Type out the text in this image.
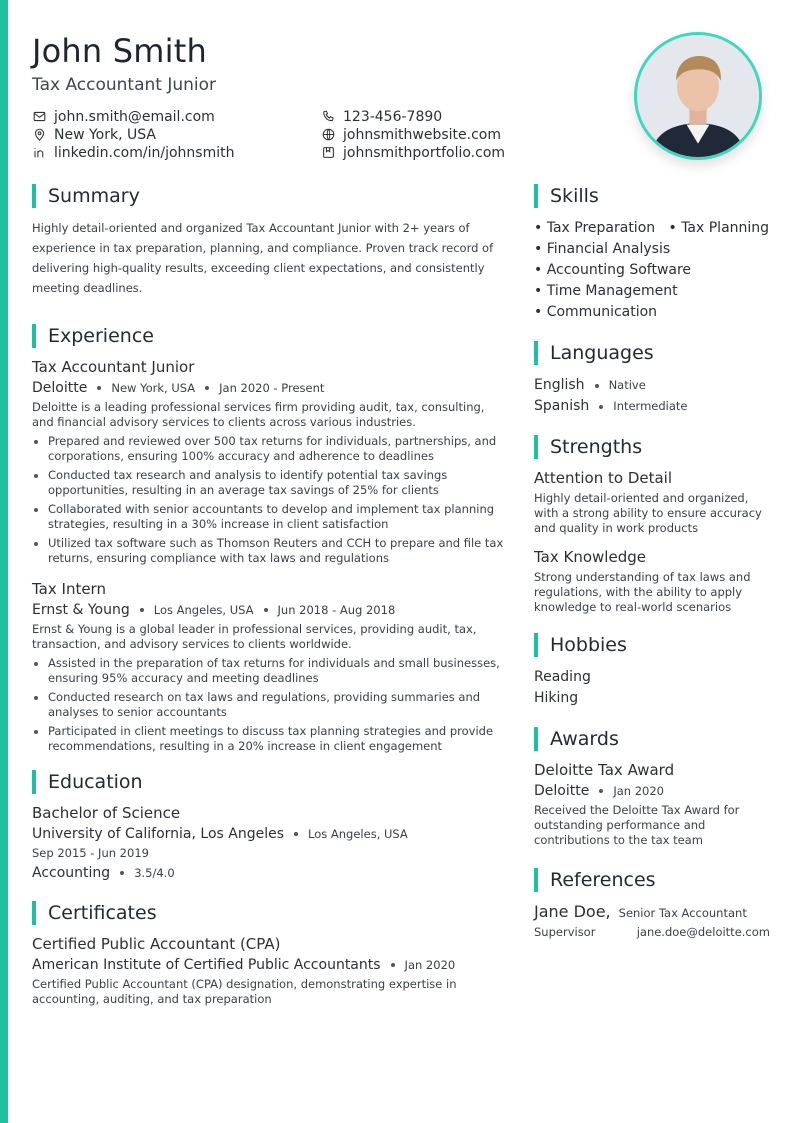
John Smith
Tax Accountant Junior
john.smith@email.com	123-456-7890
New York, USA	johnsmithwebsite.com
linkedin.com/in/johnsmith	johnsmithportfolio.com
Summary

Highly detail-oriented and organized Tax Accountant Junior with 2+ years of experience in tax preparation, planning, and compliance. Proven track record of delivering high-quality results, exceeding client expectations, and consistently meeting deadlines.

Experience
Tax Accountant Junior
Deloitte New York, USA Jan 2020 - Present

Deloitte is a leading professional services firm providing audit, tax, consulting, and financial advisory services to clients across various industries.

Prepared and reviewed over 500 tax returns for individuals, partnerships, and corporations, ensuring 100% accuracy and adherence to deadlines
Conducted tax research and analysis to identify potential tax savings opportunities, resulting in an average tax savings of 25% for clients
Collaborated with senior accountants to develop and implement tax planning strategies, resulting in a 30% increase in client satisfaction
Utilized tax software such as Thomson Reuters and CCH to prepare and file tax returns, ensuring compliance with tax laws and regulations
Tax Intern
Ernst & Young Los Angeles, USA Jun 2018 - Aug 2018

Ernst & Young is a global leader in professional services, providing audit, tax, transaction, and advisory services to clients worldwide.

Assisted in the preparation of tax returns for individuals and small businesses, ensuring 95% accuracy and meeting deadlines
Conducted research on tax laws and regulations, providing summaries and analyses to senior accountants
Participated in client meetings to discuss tax planning strategies and provide recommendations, resulting in a 20% increase in client engagement
Education
Bachelor of Science
University of California, Los Angeles Los Angeles, USA
Sep 2015 - Jun 2019
Accounting 3.5/4.0
Certificates
Certified Public Accountant (CPA)
American Institute of Certified Public Accountants Jan 2020

Certified Public Accountant (CPA) designation, demonstrating expertise in accounting, auditing, and tax preparation

Skills
• Tax Preparation   • Tax Planning
• Financial Analysis
• Accounting Software
• Time Management
• Communication
Languages
English Native
Spanish Intermediate
Strengths
Attention to Detail

Highly detail-oriented and organized, with a strong ability to ensure accuracy and quality in work products

Tax Knowledge

Strong understanding of tax laws and regulations, with the ability to apply knowledge to real-world scenarios

Hobbies
Reading
Hiking
Awards
Deloitte Tax Award
Deloitte Jan 2020

Received the Deloitte Tax Award for outstanding performance and contributions to the tax team

References
Jane Doe, Senior Tax Accountant
Supervisor	jane.doe@deloitte.com
